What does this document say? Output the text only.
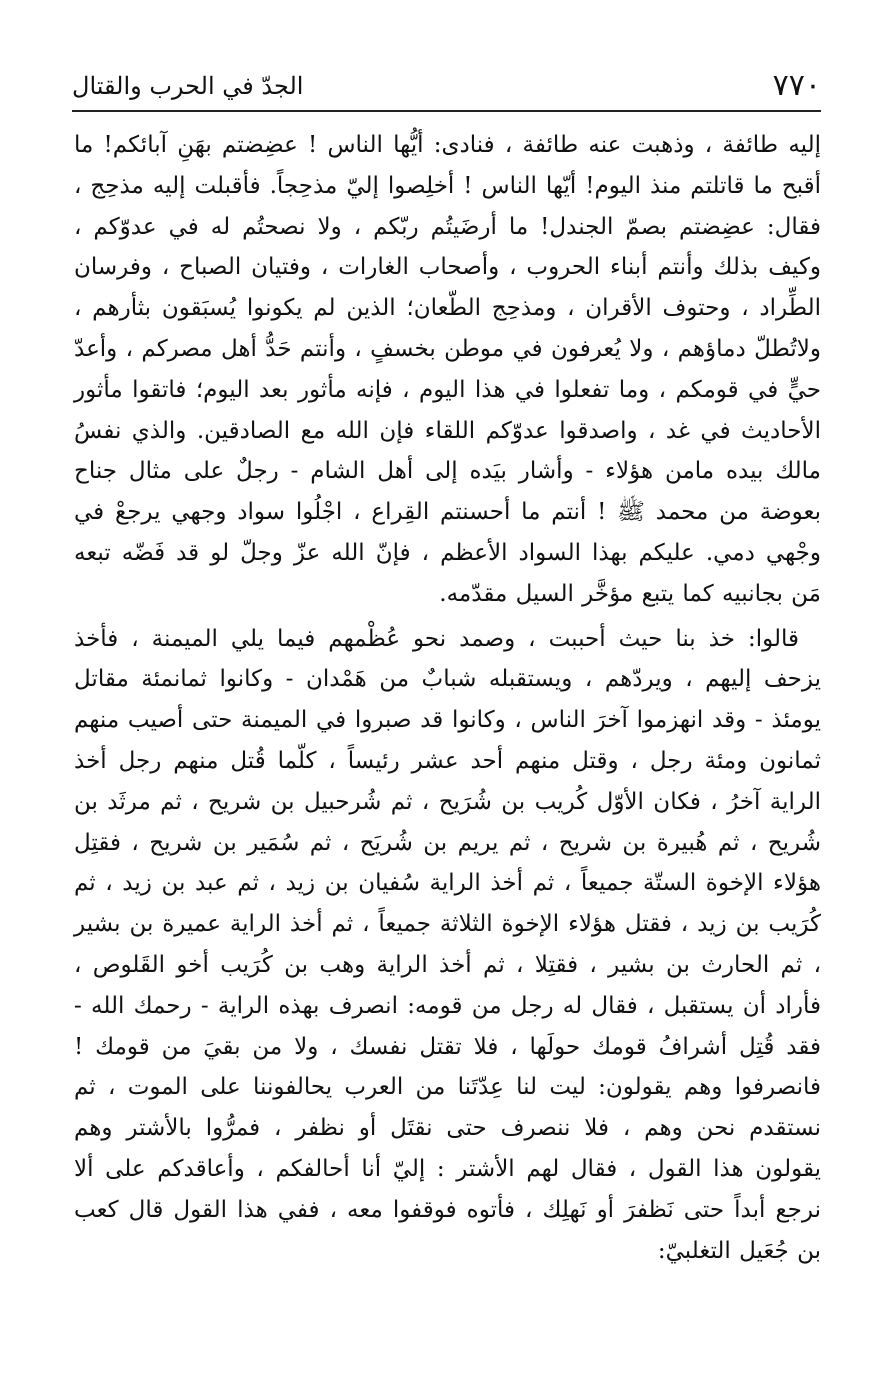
٧٧٠
الجدّ في الحرب والقتال

إليه طائفة ، وذهبت عنه طائفة ، فنادى: أيُّها الناس ! عضِضتم بهَنِ آبائكم! ما أقبح ما قاتلتم منذ اليوم! أيّها الناس ! أخلِصوا إليّ مذحِجاً. فأقبلت إليه مذحِج ، فقال: عضِضتم بصمّ الجندل! ما أرضَيتُم ربّكم ، ولا نصحتُم له في عدوّكم ، وكيف بذلك وأنتم أبناء الحروب ، وأصحاب الغارات ، وفتيان الصباح ، وفرسان الطِّراد ، وحتوف الأقران ، ومذحِج الطّعان؛ الذين لم يكونوا يُسبَقون بثأرهم ، ولاتُطلّ دماؤهم ، ولا يُعرفون في موطن بخسفٍ ، وأنتم حَدُّ أهل مصركم ، وأعدّ حيٍّ في قومكم ، وما تفعلوا في هذا اليوم ، فإنه مأثور بعد اليوم؛ فاتقوا مأثور الأحاديث في غد ، واصدقوا عدوّكم اللقاء فإن الله مع الصادقين. والذي نفسُ مالك بيده مامن هؤلاء - وأشار بيَده إلى أهل الشام - رجلٌ على مثال جناح بعوضة من محمد ﷺ ! أنتم ما أحسنتم القِراع ، اجْلُوا سواد وجهي يرجعْ في وجْهي دمي. عليكم بهذا السواد الأعظم ، فإنّ الله عزّ وجلّ لو قد فَضّه تبعه مَن بجانبيه كما يتبع مؤخَّر السيل مقدّمه.

قالوا: خذ بنا حيث أحببت ، وصمد نحو عُظْمهم فيما يلي الميمنة ، فأخذ يزحف إليهم ، ويردّهم ، ويستقبله شبابٌ من هَمْدان - وكانوا ثمانمئة مقاتل يومئذ - وقد انهزموا آخرَ الناس ، وكانوا قد صبروا في الميمنة حتى أصيب منهم ثمانون ومئة رجل ، وقتل منهم أحد عشر رئيساً ، كلّما قُتل منهم رجل أخذ الراية آخرُ ، فكان الأوّل كُريب بن شُرَيح ، ثم شُرحبيل بن شريح ، ثم مرثَد بن شُريح ، ثم هُبيرة بن شريح ، ثم يريم بن شُريَح ، ثم سُمَير بن شريح ، فقتِل هؤلاء الإخوة الستّة جميعاً ، ثم أخذ الراية سُفيان بن زيد ، ثم عبد بن زيد ، ثم كُرَيب بن زيد ، فقتل هؤلاء الإخوة الثلاثة جميعاً ، ثم أخذ الراية عميرة بن بشير ، ثم الحارث بن بشير ، فقتِلا ، ثم أخذ الراية وهب بن كُرَيب أخو القَلوص ، فأراد أن يستقبل ، فقال له رجل من قومه: انصرف بهذه الراية - رحمك الله - فقد قُتِل أشرافُ قومك حولَها ، فلا تقتل نفسك ، ولا من بقيَ من قومك ! فانصرفوا وهم يقولون: ليت لنا عِدّتَنا من العرب يحالفوننا على الموت ، ثم نستقدم نحن وهم ، فلا ننصرف حتى نقتَل أو نظفر ، فمرُّوا بالأشتر وهم يقولون هذا القول ، فقال لهم الأشتر : إليّ أنا أحالفكم ، وأعاقدكم على ألا نرجع أبداً حتى نَظفرَ أو نَهلِك ، فأتوه فوقفوا معه ، ففي هذا القول قال كعب بن جُعَيل التغلبيّ:
